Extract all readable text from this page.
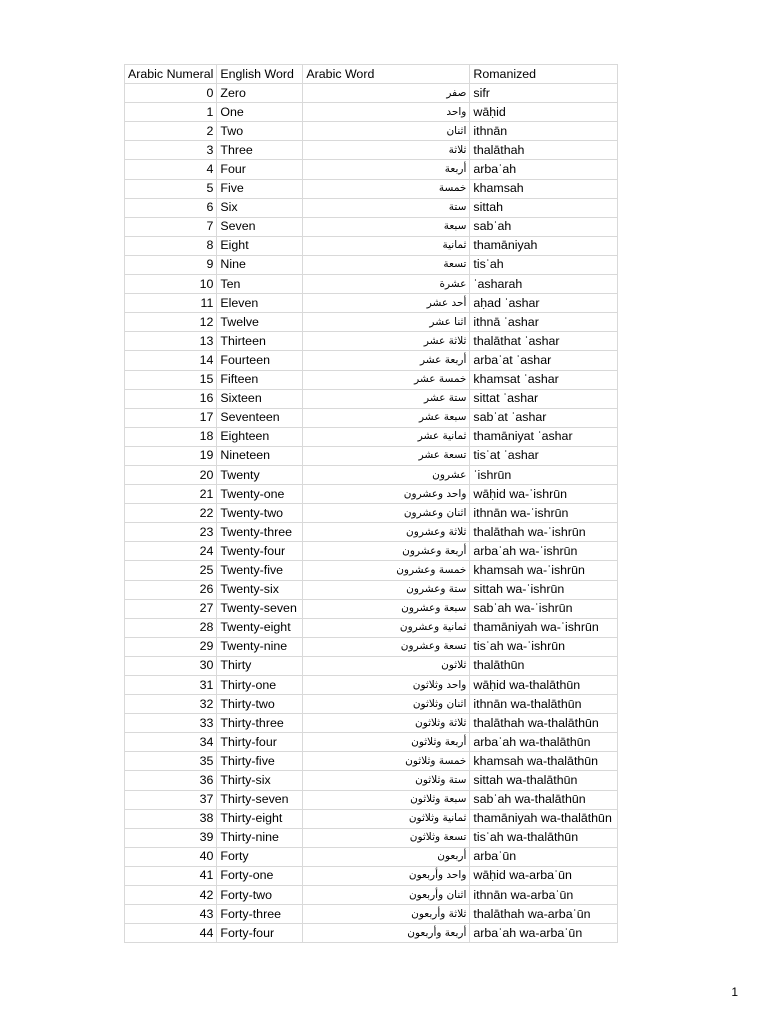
Arabic Numeral	English Word	Arabic Word	Romanized
0	Zero	صفر	sifr
1	One	واحد	wāḥid
2	Two	اثنان	ithnān
3	Three	ثلاثة	thalāthah
4	Four	أربعة	arbaʿah
5	Five	خمسة	khamsah
6	Six	ستة	sittah
7	Seven	سبعة	sabʿah
8	Eight	ثمانية	thamāniyah
9	Nine	تسعة	tisʿah
10	Ten	عشرة	ʿasharah
11	Eleven	أحد عشر	aḥad ʿashar
12	Twelve	اثنا عشر	ithnā ʿashar
13	Thirteen	ثلاثة عشر	thalāthat ʿashar
14	Fourteen	أربعة عشر	arbaʿat ʿashar
15	Fifteen	خمسة عشر	khamsat ʿashar
16	Sixteen	ستة عشر	sittat ʿashar
17	Seventeen	سبعة عشر	sabʿat ʿashar
18	Eighteen	ثمانية عشر	thamāniyat ʿashar
19	Nineteen	تسعة عشر	tisʿat ʿashar
20	Twenty	عشرون	ʿishrūn
21	Twenty-one	واحد وعشرون	wāḥid wa-ʿishrūn
22	Twenty-two	اثنان وعشرون	ithnān wa-ʿishrūn
23	Twenty-three	ثلاثة وعشرون	thalāthah wa-ʿishrūn
24	Twenty-four	أربعة وعشرون	arbaʿah wa-ʿishrūn
25	Twenty-five	خمسة وعشرون	khamsah wa-ʿishrūn
26	Twenty-six	ستة وعشرون	sittah wa-ʿishrūn
27	Twenty-seven	سبعة وعشرون	sabʿah wa-ʿishrūn
28	Twenty-eight	ثمانية وعشرون	thamāniyah wa-ʿishrūn
29	Twenty-nine	تسعة وعشرون	tisʿah wa-ʿishrūn
30	Thirty	ثلاثون	thalāthūn
31	Thirty-one	واحد وثلاثون	wāḥid wa-thalāthūn
32	Thirty-two	اثنان وثلاثون	ithnān wa-thalāthūn
33	Thirty-three	ثلاثة وثلاثون	thalāthah wa-thalāthūn
34	Thirty-four	أربعة وثلاثون	arbaʿah wa-thalāthūn
35	Thirty-five	خمسة وثلاثون	khamsah wa-thalāthūn
36	Thirty-six	ستة وثلاثون	sittah wa-thalāthūn
37	Thirty-seven	سبعة وثلاثون	sabʿah wa-thalāthūn
38	Thirty-eight	ثمانية وثلاثون	thamāniyah wa-thalāthūn
39	Thirty-nine	تسعة وثلاثون	tisʿah wa-thalāthūn
40	Forty	أربعون	arbaʿūn
41	Forty-one	واحد وأربعون	wāḥid wa-arbaʿūn
42	Forty-two	اثنان وأربعون	ithnān wa-arbaʿūn
43	Forty-three	ثلاثة وأربعون	thalāthah wa-arbaʿūn
44	Forty-four	أربعة وأربعون	arbaʿah wa-arbaʿūn
1
